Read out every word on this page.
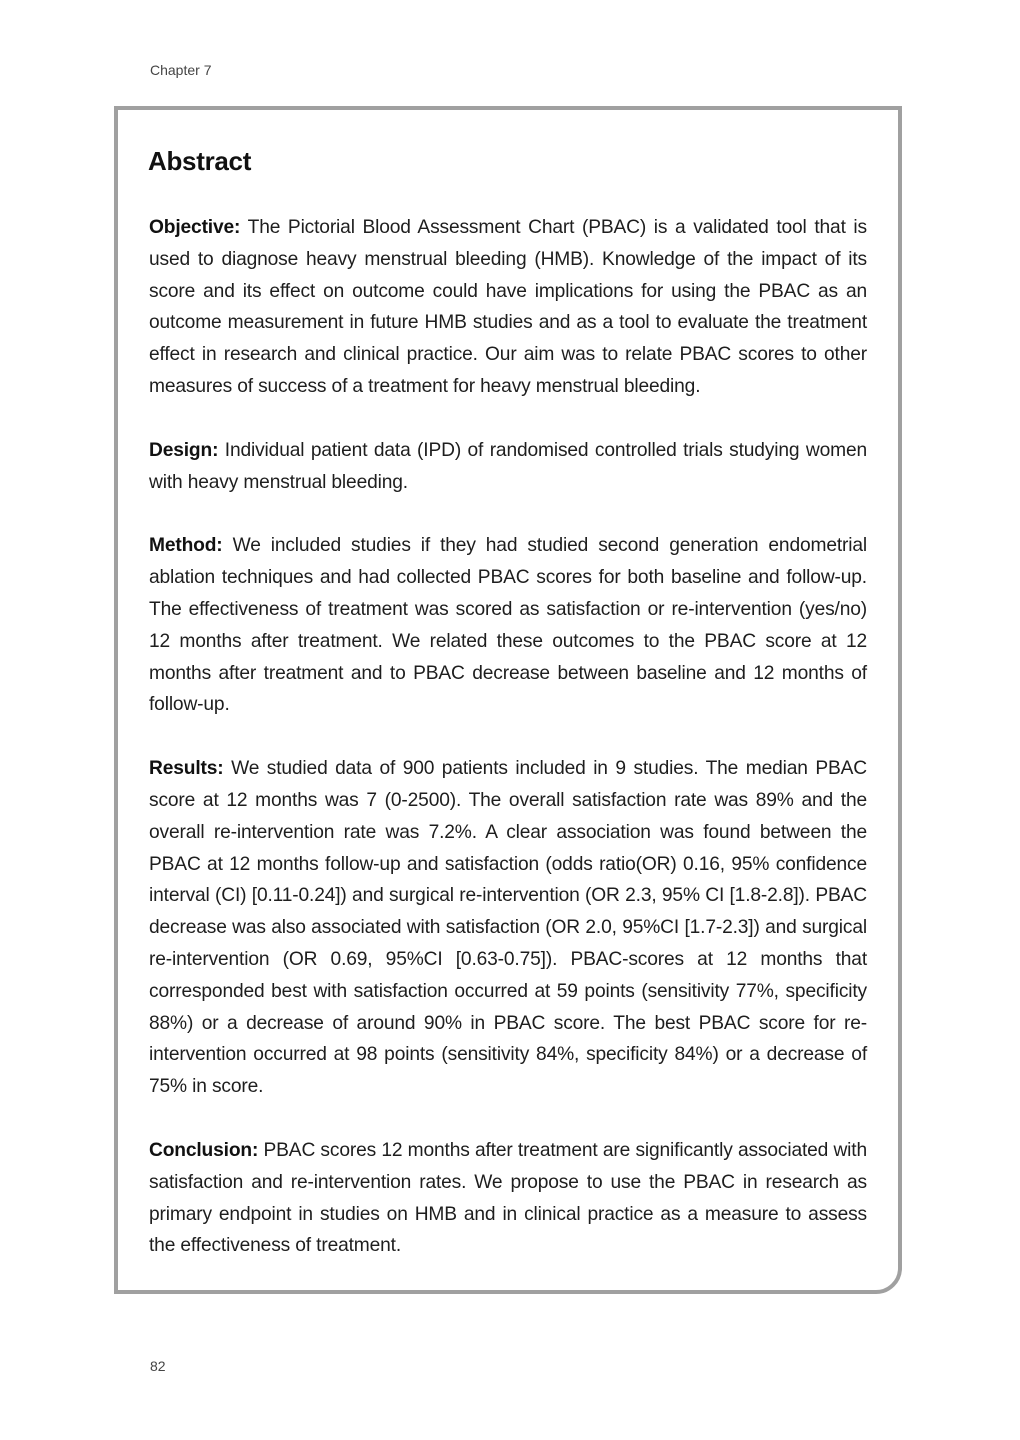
Chapter 7
Abstract

Objective: The Pictorial Blood Assessment Chart (PBAC) is a validated tool that is used to diagnose heavy menstrual bleeding (HMB). Knowledge of the impact of its score and its effect on outcome could have implications for using the PBAC as an outcome measurement in future HMB studies and as a tool to evaluate the treatment effect in research and clinical practice. Our aim was to relate PBAC scores to other measures of success of a treatment for heavy menstrual bleeding.

Design: Individual patient data (IPD) of randomised controlled trials studying women with heavy menstrual bleeding.

Method: We included studies if they had studied second generation endometrial ablation techniques and had collected PBAC scores for both baseline and follow-up. The effectiveness of treatment was scored as satisfaction or re-intervention (yes/no) 12 months after treatment. We related these outcomes to the PBAC score at 12 months after treatment and to PBAC decrease between baseline and 12 months of follow-up.

Results: We studied data of 900 patients included in 9 studies. The median PBAC score at 12 months was 7 (0-2500). The overall satisfaction rate was 89% and the overall re-intervention rate was 7.2%. A clear association was found between the PBAC at 12 months follow-up and satisfaction (odds ratio(OR) 0.16, 95% confidence interval (CI) [0.11-0.24]) and surgical re-intervention (OR 2.3, 95% CI [1.8-2.8]). PBAC decrease was also associated with satisfaction (OR 2.0, 95%CI [1.7-2.3]) and surgical re-intervention (OR 0.69, 95%CI [0.63-0.75]). PBAC-scores at 12 months that corresponded best with satisfaction occurred at 59 points (sensitivity 77%, specificity 88%) or a decrease of around 90% in PBAC score. The best PBAC score for re-intervention occurred at 98 points (sensitivity 84%, specificity 84%) or a decrease of 75% in score.

Conclusion: PBAC scores 12 months after treatment are significantly associated with satisfaction and re-intervention rates. We propose to use the PBAC in research as primary endpoint in studies on HMB and in clinical practice as a measure to assess the effectiveness of treatment.

82
